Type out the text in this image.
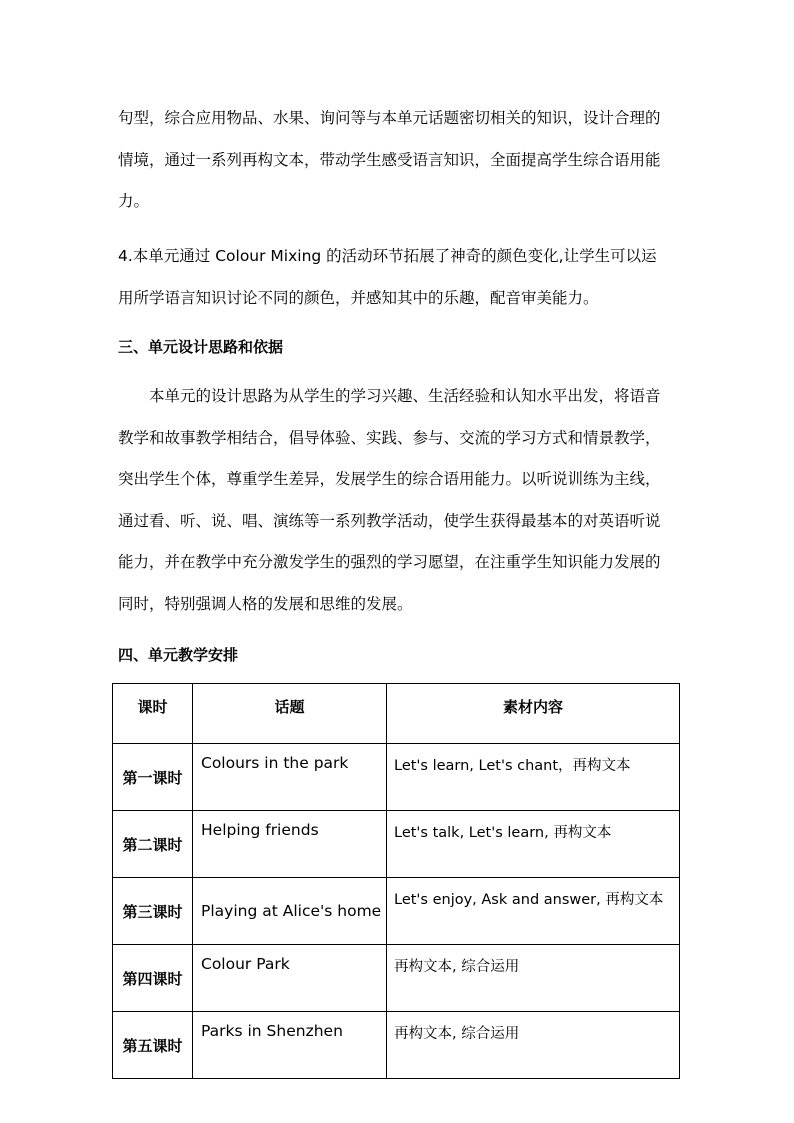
句型，综合应用物品、水果、询问等与本单元话题密切相关的知识，设计合理的
情境，通过一系列再构文本，带动学生感受语言知识，全面提高学生综合语用能
力。
4.本单元通过 Colour Mixing 的活动环节拓展了神奇的颜色变化,让学生可以运
用所学语言知识讨论不同的颜色，并感知其中的乐趣，配音审美能力。
三、单元设计思路和依据
　　本单元的设计思路为从学生的学习兴趣、生活经验和认知水平出发，将语音
教学和故事教学相结合，倡导体验、实践、参与、交流的学习方式和情景教学，
突出学生个体，尊重学生差异，发展学生的综合语用能力。以听说训练为主线，
通过看、听、说、唱、演练等一系列教学活动，使学生获得最基本的对英语听说
能力，并在教学中充分激发学生的强烈的学习愿望，在注重学生知识能力发展的
同时，特别强调人格的发展和思维的发展。
四、单元教学安排
课时	话题	素材内容
第一课时	Colours in the park	Let's learn, Let's chant，再构文本
第二课时	Helping friends	Let's talk, Let's learn, 再构文本
第三课时	Playing at Alice's home	Let's enjoy, Ask and answer, 再构文本
第四课时	Colour Park	再构文本, 综合运用
第五课时	Parks in Shenzhen	再构文本, 综合运用
